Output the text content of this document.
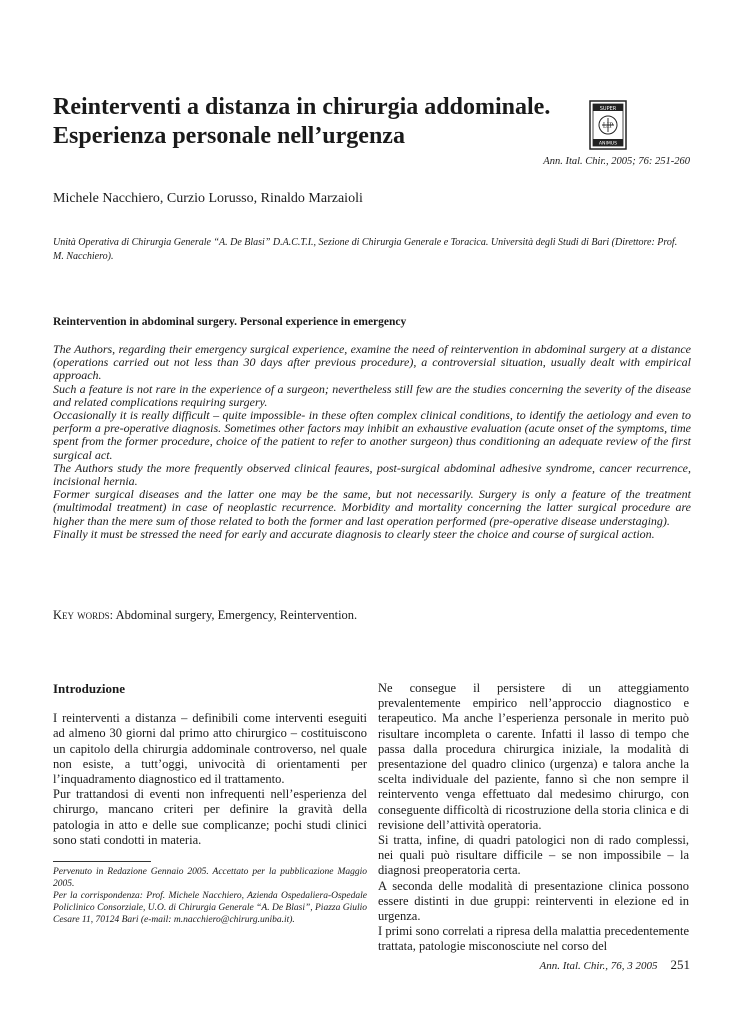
Reinterventi a distanza in chirurgia addominale.
Esperienza personale nell’urgenza
SUPER
ANIMUS
LIP
Ann. Ital. Chir., 2005; 76: 251-260
Michele Nacchiero, Curzio Lorusso, Rinaldo Marzaioli
Unità Operativa di Chirurgia Generale “A. De Blasi” D.A.C.T.I., Sezione di Chirurgia Generale e Toracica. Università degli Studi di Bari (Direttore: Prof. M. Nacchiero).
Reintervention in abdominal surgery. Personal experience in emergency

The Authors, regarding their emergency surgical experience, examine the need of reintervention in abdominal surgery at a distance (operations carried out not less than 30 days after previous procedure), a controversial situation, usually dealt with empirical approach.

Such a feature is not rare in the experience of a surgeon; nevertheless still few are the studies concerning the severity of the disease and related complications requiring surgery.

Occasionally it is really difficult – quite impossible- in these often complex clinical conditions, to identify the aetiology and even to perform a pre-operative diagnosis. Sometimes other factors may inhibit an exhaustive evaluation (acute onset of the symptoms, time spent from the former procedure, choice of the patient to refer to another surgeon) thus conditioning an adequate review of the first surgical act.

The Authors study the more frequently observed clinical feaures, post-surgical abdominal adhesive syndrome, cancer recurrence, incisional hernia.

Former surgical diseases and the latter one may be the same, but not necessarily. Surgery is only a feature of the treatment (multimodal treatment) in case of neoplastic recurrence. Morbidity and mortality concerning the latter surgical procedure are higher than the mere sum of those related to both the former and last operation performed (pre-operative disease understaging).

Finally it must be stressed the need for early and accurate diagnosis to clearly steer the choice and course of surgical action.

Key words: Abdominal surgery, Emergency, Reintervention.
Introduzione

I reinterventi a distanza – definibili come interventi eseguiti ad almeno 30 giorni dal primo atto chirurgico – costituiscono un capitolo della chirurgia addominale controverso, nel quale non esiste, a tutt’oggi, univocità di orientamenti per l’inquadramento diagnostico ed il trattamento.

Pur trattandosi di eventi non infrequenti nell’esperienza del chirurgo, mancano criteri per definire la gravità della patologia in atto e delle sue complicanze; pochi studi clinici sono stati condotti in materia.

Ne consegue il persistere di un atteggiamento prevalentemente empirico nell’approccio diagnostico e terapeutico. Ma anche l’esperienza personale in merito può risultare incompleta o carente. Infatti il lasso di tempo che passa dalla procedura chirurgica iniziale, la modalità di presentazione del quadro clinico (urgenza) e talora anche la scelta individuale del paziente, fanno sì che non sempre il reintervento venga effettuato dal medesimo chirurgo, con conseguente difficoltà di ricostruzione della storia clinica e di revisione dell’attività operatoria.

Si tratta, infine, di quadri patologici non di rado complessi, nei quali può risultare difficile – se non impossibile – la diagnosi preoperatoria certa.

A seconda delle modalità di presentazione clinica possono essere distinti in due gruppi: reinterventi in elezione ed in urgenza.

I primi sono correlati a ripresa della malattia precedentemente trattata, patologie misconosciute nel corso del

Pervenuto in Redazione Gennaio 2005. Accettato per la pubblicazione Maggio 2005.

Per la corrispondenza: Prof. Michele Nacchiero, Azienda Ospedaliera-Ospedale Policlinico Consorziale, U.O. di Chirurgia Generale “A. De Blasi”, Piazza Giulio Cesare 11, 70124 Bari (e-mail: m.nacchiero@chirurg.uniba.it).

Ann. Ital. Chir., 76, 3 2005 251
